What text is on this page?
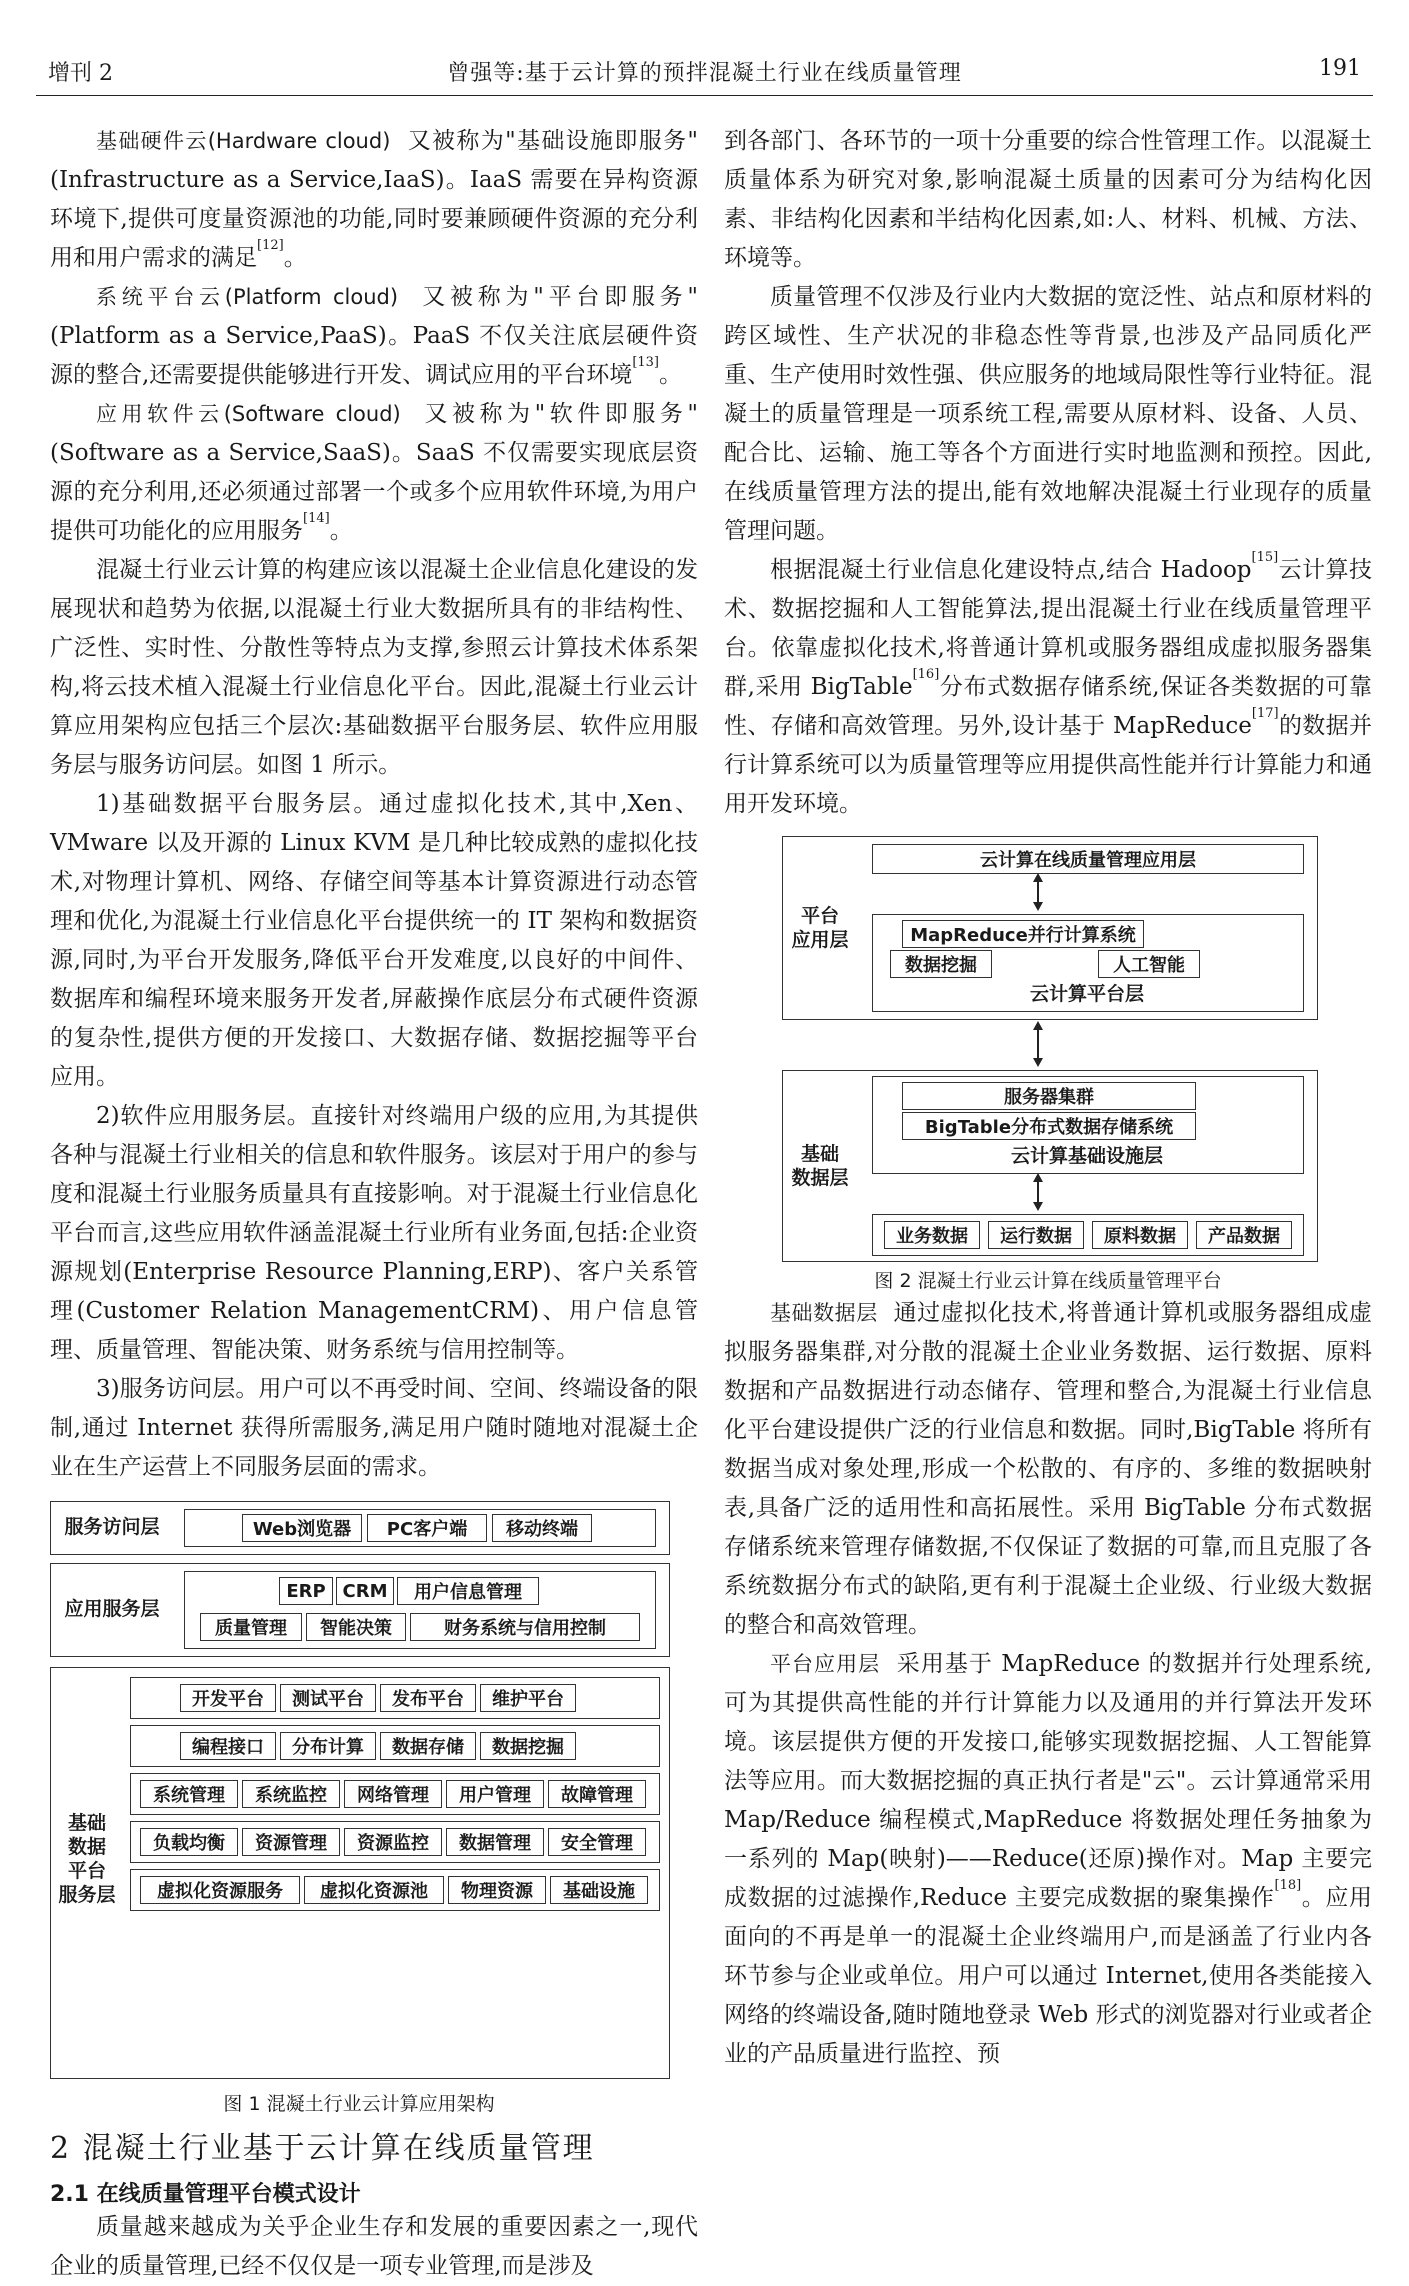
增刊 2	曾强等:基于云计算的预拌混凝土行业在线质量管理	191

基础硬件云(Hardware cloud) 又被称为"基础设施即服务"(Infrastructure as a Service,IaaS)。IaaS 需要在异构资源环境下,提供可度量资源池的功能,同时要兼顾硬件资源的充分利用和用户需求的满足[12]。

系统平台云(Platform cloud) 又被称为"平台即服务"(Platform as a Service,PaaS)。PaaS 不仅关注底层硬件资源的整合,还需要提供能够进行开发、调试应用的平台环境[13]。

应用软件云(Software cloud) 又被称为"软件即服务"(Software as a Service,SaaS)。SaaS 不仅需要实现底层资源的充分利用,还必须通过部署一个或多个应用软件环境,为用户提供可功能化的应用服务[14]。

混凝土行业云计算的构建应该以混凝土企业信息化建设的发展现状和趋势为依据,以混凝土行业大数据所具有的非结构性、广泛性、实时性、分散性等特点为支撑,参照云计算技术体系架构,将云技术植入混凝土行业信息化平台。因此,混凝土行业云计算应用架构应包括三个层次:基础数据平台服务层、软件应用服务层与服务访问层。如图 1 所示。

1)基础数据平台服务层。通过虚拟化技术,其中,Xen、VMware 以及开源的 Linux KVM 是几种比较成熟的虚拟化技术,对物理计算机、网络、存储空间等基本计算资源进行动态管理和优化,为混凝土行业信息化平台提供统一的 IT 架构和数据资源,同时,为平台开发服务,降低平台开发难度,以良好的中间件、数据库和编程环境来服务开发者,屏蔽操作底层分布式硬件资源的复杂性,提供方便的开发接口、大数据存储、数据挖掘等平台应用。

2)软件应用服务层。直接针对终端用户级的应用,为其提供各种与混凝土行业相关的信息和软件服务。该层对于用户的参与度和混凝土行业服务质量具有直接影响。对于混凝土行业信息化平台而言,这些应用软件涵盖混凝土行业所有业务面,包括:企业资源规划(Enterprise Resource Planning,ERP)、客户关系管理(Customer Relation ManagementCRM)、用户信息管理、质量管理、智能决策、财务系统与信用控制等。

3)服务访问层。用户可以不再受时间、空间、终端设备的限制,通过 Internet 获得所需服务,满足用户随时随地对混凝土企业在生产运营上不同服务层面的需求。

服务访问层	Web浏览器	PC客户端	移动终端
应用服务层
ERP CRM	用户信息管理
质量管理	智能决策	财务系统与信用控制
基础
数据
平台
服务层
开发平台	测试平台	发布平台	维护平台
编程接口	分布计算	数据存储	数据挖掘
系统管理	系统监控	网络管理	用户管理	故障管理
负载均衡	资源管理	资源监控	数据管理	安全管理
虚拟化资源服务	虚拟化资源池	物理资源	基础设施
图 1 混凝土行业云计算应用架构

2 混凝土行业基于云计算在线质量管理

2.1 在线质量管理平台模式设计

质量越来越成为关乎企业生存和发展的重要因素之一,现代企业的质量管理,已经不仅仅是一项专业管理,而是涉及

到各部门、各环节的一项十分重要的综合性管理工作。以混凝土质量体系为研究对象,影响混凝土质量的因素可分为结构化因素、非结构化因素和半结构化因素,如:人、材料、机械、方法、环境等。

质量管理不仅涉及行业内大数据的宽泛性、站点和原材料的跨区域性、生产状况的非稳态性等背景,也涉及产品同质化严重、生产使用时效性强、供应服务的地域局限性等行业特征。混凝土的质量管理是一项系统工程,需要从原材料、设备、人员、配合比、运输、施工等各个方面进行实时地监测和预控。因此,在线质量管理方法的提出,能有效地解决混凝土行业现存的质量管理问题。

根据混凝土行业信息化建设特点,结合 Hadoop[15]云计算技术、数据挖掘和人工智能算法,提出混凝土行业在线质量管理平台。依靠虚拟化技术,将普通计算机或服务器组成虚拟服务器集群,采用 BigTable[16]分布式数据存储系统,保证各类数据的可靠性、存储和高效管理。另外,设计基于 MapReduce[17]的数据并行计算系统可以为质量管理等应用提供高性能并行计算能力和通用开发环境。

平台
应用层
云计算在线质量管理应用层
MapReduce并行计算系统
数据挖掘	人工智能
云计算平台层
基础
数据层
服务器集群
BigTable分布式数据存储系统
云计算基础设施层
业务数据	运行数据	原料数据	产品数据
图 2 混凝土行业云计算在线质量管理平台

基础数据层 通过虚拟化技术,将普通计算机或服务器组成虚拟服务器集群,对分散的混凝土企业业务数据、运行数据、原料数据和产品数据进行动态储存、管理和整合,为混凝土行业信息化平台建设提供广泛的行业信息和数据。同时,BigTable 将所有数据当成对象处理,形成一个松散的、有序的、多维的数据映射表,具备广泛的适用性和高拓展性。采用 BigTable 分布式数据存储系统来管理存储数据,不仅保证了数据的可靠,而且克服了各系统数据分布式的缺陷,更有利于混凝土企业级、行业级大数据的整合和高效管理。

平台应用层 采用基于 MapReduce 的数据并行处理系统,可为其提供高性能的并行计算能力以及通用的并行算法开发环境。该层提供方便的开发接口,能够实现数据挖掘、人工智能算法等应用。而大数据挖掘的真正执行者是"云"。云计算通常采用 Map/Reduce 编程模式,MapReduce 将数据处理任务抽象为一系列的 Map(映射)——Reduce(还原)操作对。Map 主要完成数据的过滤操作,Reduce 主要完成数据的聚集操作[18]。应用面向的不再是单一的混凝土企业终端用户,而是涵盖了行业内各环节参与企业或单位。用户可以通过 Internet,使用各类能接入网络的终端设备,随时随地登录 Web 形式的浏览器对行业或者企业的产品质量进行监控、预
